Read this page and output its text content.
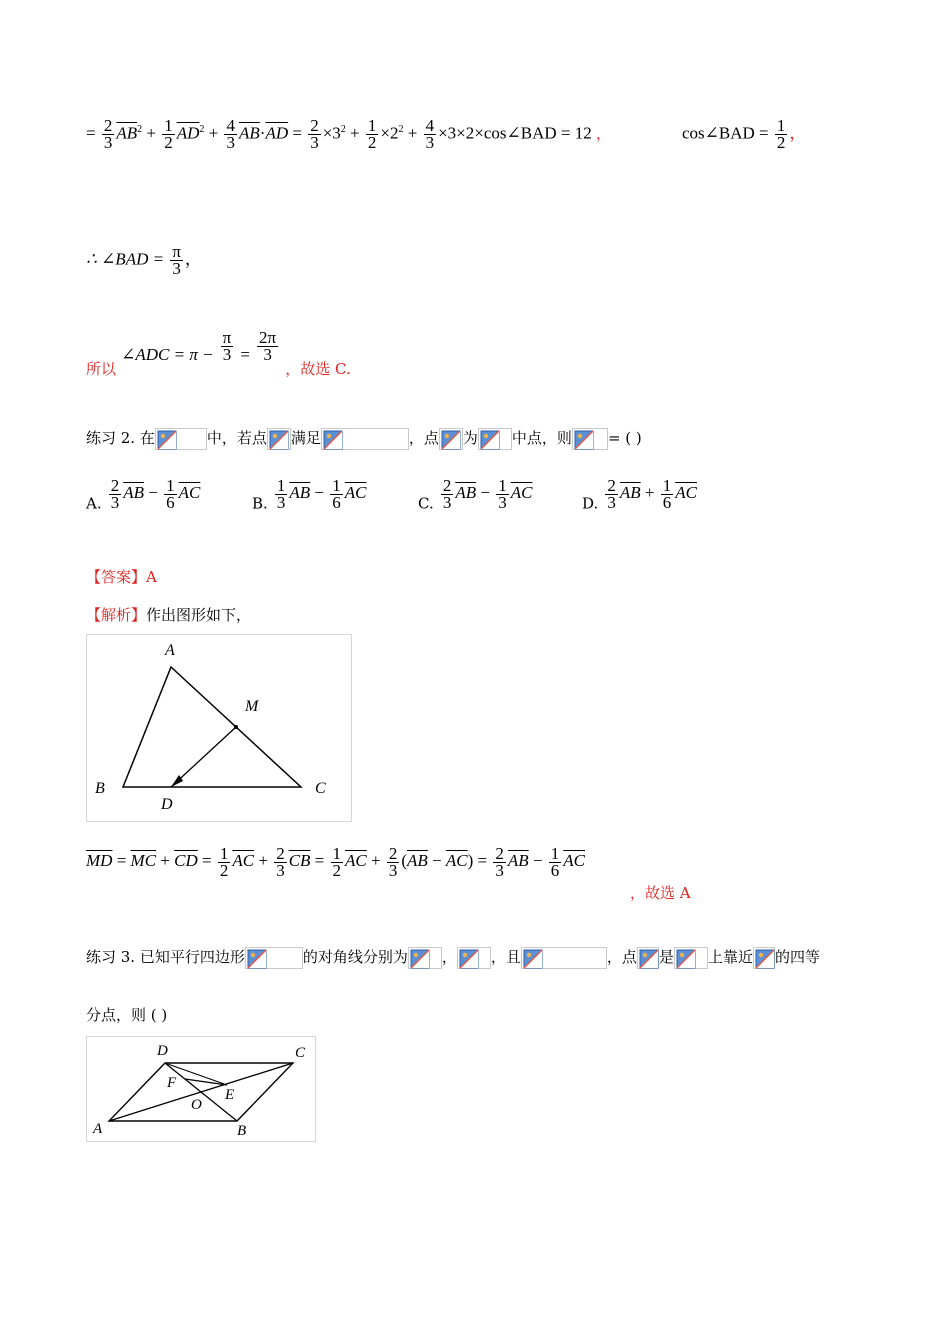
= $\frac{2}{3} \overline{AB}^2 + \frac{1}{2} \overline{AD}^2 + \frac{4}{3} \overline{AB}\cdot\overline{AD} = \frac{2}{3} \times 3^2 + \frac{1}{2} \times 2^2 + \frac{4}{3}$ ×3×2×cos∠BAD = 12 ，	cos∠BAD = $\frac{1}{2}$ ，
∴ ∠BAD = $\frac{\pi}{3}$ ，
所以 ∠ADC = $\pi - \frac{\pi}{3} = \frac{2\pi}{3}$
，故选 C.
练习 2. 在	中，若点 满足	，点 为 中点，则 = ( )
A. $\frac{2}{3} \overline{AB} - \frac{1}{6} \overline{AC}$
B. $\frac{1}{3} \overline{AB} - \frac{1}{6} \overline{AC}$
C. $\frac{2}{3} \overline{AB} - \frac{1}{3} \overline{AC}$
D. $\frac{2}{3} \overline{AB} + \frac{1}{6} \overline{AC}$
【答案】A
【解析】作出图形如下，
A
M
B	C
D
$\overline{MD} = \overline{MC} + \overline{CD} = \frac{1}{2} \overline{AC} + \frac{2}{3} \overline{CB} = \frac{1}{2} \overline{AC} + \frac{2}{3} (\overline{AB} - \overline{AC}) = \frac{2}{3} \overline{AB} - \frac{1}{6} \overline{AC}$
，故选 A
练习 3. 已知平行四边形	的对角线分别为 ， ，且	，点 是 上靠近 的四等
分点，则 ( )
D	C
F
E
O
A	B
